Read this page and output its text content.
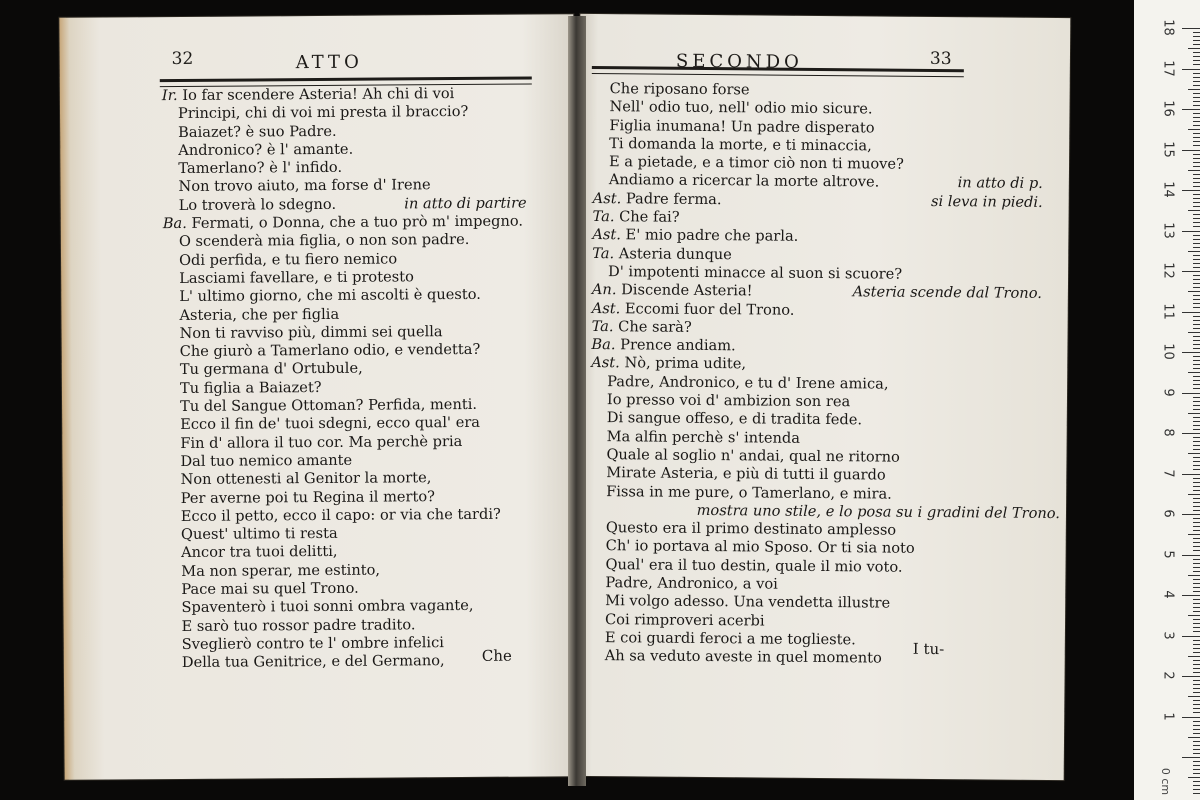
32	ATTO
Ir. Io far scendere Asteria! Ah chi di voi
Principi, chi di voi mi presta il braccio?
Baiazet? è suo Padre.
Andronico? è l' amante.
Tamerlano? è l' infido.
Non trovo aiuto, ma forse d' Irene
Lo troverà lo sdegno.	in atto di partire
Ba. Fermati, o Donna, che a tuo prò m' impegno.
O scenderà mia figlia, o non son padre.
Odi perfida, e tu fiero nemico
Lasciami favellare, e ti protesto
L' ultimo giorno, che mi ascolti è questo.
Asteria, che per figlia
Non ti ravviso più, dimmi sei quella
Che giurò a Tamerlano odio, e vendetta?
Tu germana d' Ortubule,
Tu figlia a Baiazet?
Tu del Sangue Ottoman? Perfida, menti.
Ecco il fin de' tuoi sdegni, ecco qual' era
Fin d' allora il tuo cor. Ma perchè pria
Dal tuo nemico amante
Non ottenesti al Genitor la morte,
Per averne poi tu Regina il merto?
Ecco il petto, ecco il capo: or via che tardi?
Quest' ultimo ti resta
Ancor tra tuoi delitti,
Ma non sperar, me estinto,
Pace mai su quel Trono.
Spaventerò i tuoi sonni ombra vagante,
E sarò tuo rossor padre tradito.
Sveglierò contro te l' ombre infelici
Della tua Genitrice, e del Germano,	Che
SECONDO	33
Che riposano forse
Nell' odio tuo, nell' odio mio sicure.
Figlia inumana! Un padre disperato
Ti domanda la morte, e ti minaccia,
E a pietade, e a timor ciò non ti muove?
Andiamo a ricercar la morte altrove.	in atto di p.
Ast. Padre ferma.	si leva in piedi.
Ta. Che fai?
Ast. E' mio padre che parla.
Ta. Asteria dunque
D' impotenti minacce al suon si scuore?
An. Discende Asteria!	Asteria scende dal Trono.
Ast. Eccomi fuor del Trono.
Ta. Che sarà?
Ba. Prence andiam.
Ast. Nò, prima udite,
Padre, Andronico, e tu d' Irene amica,
Io presso voi d' ambizion son rea
Di sangue offeso, e di tradita fede.
Ma alfin perchè s' intenda
Quale al soglio n' andai, qual ne ritorno
Mirate Asteria, e più di tutti il guardo
Fissa in me pure, o Tamerlano, e mira.
mostra uno stile, e lo posa su i gradini del Trono.
Questo era il primo destinato amplesso
Ch' io portava al mio Sposo. Or ti sia noto
Qual' era il tuo destin, quale il mio voto.
Padre, Andronico, a voi
Mi volgo adesso. Una vendetta illustre
Coi rimproveri acerbi
E coi guardi feroci a me toglieste.
Ah sa veduto aveste in quel momento	I tu-
0 cm
18
17
16
15
14
13
12
11
10
9
8
7
6
5
4
3
2
1
